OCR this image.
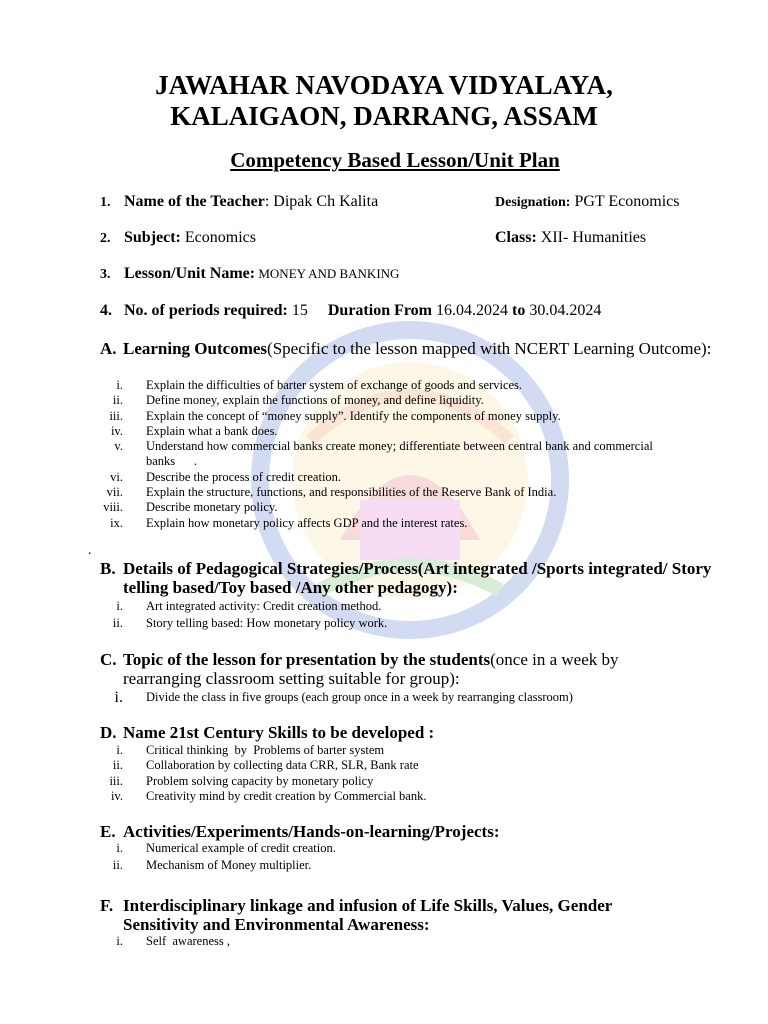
JAWAHAR NAVODAYA VIDYALAYA,
KALAIGAON, DARRANG, ASSAM
Competency Based Lesson/Unit Plan
1. Name of the Teacher: Dipak Ch Kalita	Designation: PGT Economics
2. Subject: Economics	Class: XII- Humanities
3. Lesson/Unit Name: MONEY AND BANKING
4. No. of periods required: 15 Duration From 16.04.2024 to 30.04.2024
A. Learning Outcomes(Specific to the lesson mapped with NCERT Learning Outcome):
i. Explain the difficulties of barter system of exchange of goods and services.
ii. Define money, explain the functions of money, and define liquidity.
iii. Explain the concept of “money supply”. Identify the components of money supply.
iv. Explain what a bank does.
v. Understand how commercial banks create money; differentiate between central bank and commercial banks      .
vi. Describe the process of credit creation.
vii. Explain the structure, functions, and responsibilities of the Reserve Bank of India.
viii. Describe monetary policy.
ix. Explain how monetary policy affects GDP and the interest rates.
.
B. Details of Pedagogical Strategies/Process(Art integrated /Sports integrated/ Story telling based/Toy based /Any other pedagogy):
i. Art integrated activity: Credit creation method.
ii. Story telling based: How monetary policy work.
C. Topic of the lesson for presentation by the students(once in a week by rearranging classroom setting suitable for group):
i. Divide the class in five groups (each group once in a week by rearranging classroom)
D. Name 21st Century Skills to be developed :
i. Critical thinking  by  Problems of barter system
ii. Collaboration by collecting data CRR, SLR, Bank rate
iii. Problem solving capacity by monetary policy
iv. Creativity mind by credit creation by Commercial bank.
E. Activities/Experiments/Hands-on-learning/Projects:
i. Numerical example of credit creation.
ii. Mechanism of Money multiplier.
F. Interdisciplinary linkage and infusion of Life Skills, Values, Gender Sensitivity and Environmental Awareness:
i. Self  awareness ,
